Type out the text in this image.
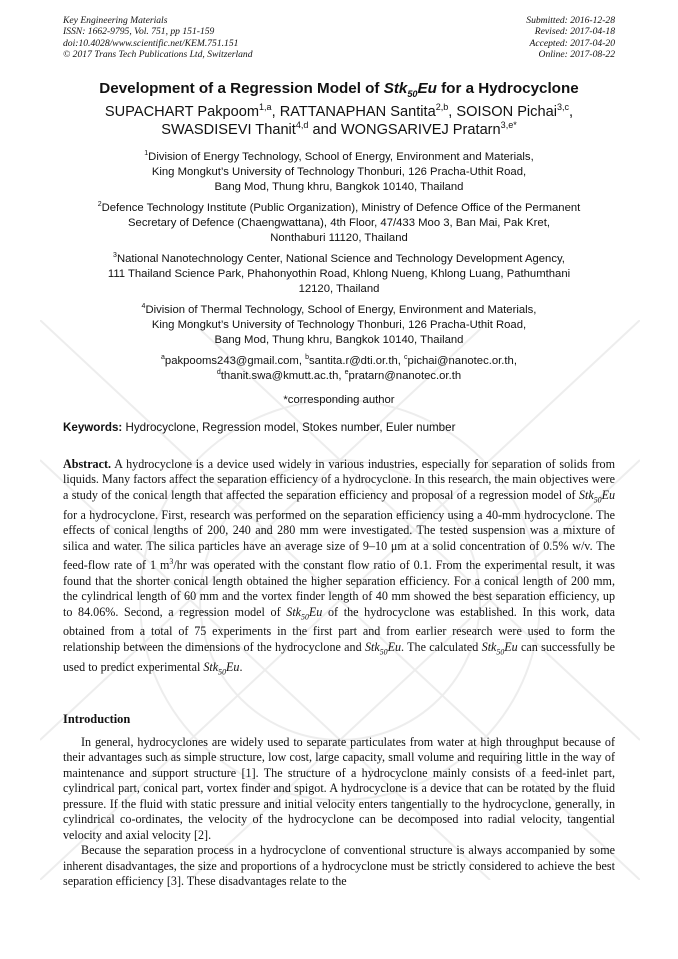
Key Engineering Materials
ISSN: 1662-9795, Vol. 751, pp 151-159
doi:10.4028/www.scientific.net/KEM.751.151
© 2017 Trans Tech Publications Ltd, Switzerland
Submitted: 2016-12-28
Revised: 2017-04-18
Accepted: 2017-04-20
Online: 2017-08-22
Development of a Regression Model of Stk$_{50}$Eu for a Hydrocyclone
SUPACHART Pakpoom$^{1,a}$, RATTANAPHAN Santita$^{2,b}$, SOISON Pichai$^{3,c}$,
SWASDISEVI Thanit$^{4,d}$ and WONGSARIVEJ Pratarn$^{3,e*}$
$^1$Division of Energy Technology, School of Energy, Environment and Materials,
King Mongkut’s University of Technology Thonburi, 126 Pracha-Uthit Road,
Bang Mod, Thung khru, Bangkok 10140, Thailand
$^2$Defence Technology Institute (Public Organization), Ministry of Defence Office of the Permanent
Secretary of Defence (Chaengwattana), 4th Floor, 47/433 Moo 3, Ban Mai, Pak Kret,
Nonthaburi 11120, Thailand
$^3$National Nanotechnology Center, National Science and Technology Development Agency,
111 Thailand Science Park, Phahonyothin Road, Khlong Nueng, Khlong Luang, Pathumthani
12120, Thailand
$^4$Division of Thermal Technology, School of Energy, Environment and Materials,
King Mongkut’s University of Technology Thonburi, 126 Pracha-Uthit Road,
Bang Mod, Thung khru, Bangkok 10140, Thailand
$^a$pakpooms243@gmail.com, $^b$santita.r@dti.or.th, $^c$pichai@nanotec.or.th,
$^d$thanit.swa@kmutt.ac.th, $^e$pratarn@nanotec.or.th
*corresponding author
Keywords: Hydrocyclone, Regression model, Stokes number, Euler number

Abstract. A hydrocyclone is a device used widely in various industries, especially for separation of solids from liquids. Many factors affect the separation efficiency of a hydrocyclone. In this research, the main objectives were a study of the conical length that affected the separation efficiency and proposal of a regression model of Stk$_{50}$Eu for a hydrocyclone. First, research was performed on the separation efficiency using a 40-mm hydrocyclone. The effects of conical lengths of 200, 240 and 280 mm were investigated. The tested suspension was a mixture of silica and water. The silica particles have an average size of 9–10 μm at a solid concentration of 0.5% w/v. The feed-flow rate of 1 $m^3/hr$ was operated with the constant flow ratio of 0.1. From the experimental result, it was found that the shorter conical length obtained the higher separation efficiency. For a conical length of 200 mm, the cylindrical length of 60 mm and the vortex finder length of 40 mm showed the best separation efficiency, up to 84.06%. Second, a regression model of Stk$_{50}$Eu of the hydrocyclone was established. In this work, data obtained from a total of 75 experiments in the first part and from earlier research were used to form the relationship between the dimensions of the hydrocyclone and Stk$_{50}$Eu. The calculated Stk$_{50}$Eu can successfully be used to predict experimental Stk$_{50}$Eu.

Introduction

In general, hydrocyclones are widely used to separate particulates from water at high throughput because of their advantages such as simple structure, low cost, large capacity, small volume and requiring little in the way of maintenance and support structure [1]. The structure of a hydrocyclone mainly consists of a feed-inlet part, cylindrical part, conical part, vortex finder and spigot. A hydrocyclone is a device that can be rotated by the fluid pressure. If the fluid with static pressure and initial velocity enters tangentially to the hydrocyclone, generally, in cylindrical co-ordinates, the velocity of the hydrocyclone can be decomposed into radial velocity, tangential velocity and axial velocity [2].

Because the separation process in a hydrocyclone of conventional structure is always accompanied by some inherent disadvantages, the size and proportions of a hydrocyclone must be strictly considered to achieve the best separation efficiency [3]. These disadvantages relate to the
